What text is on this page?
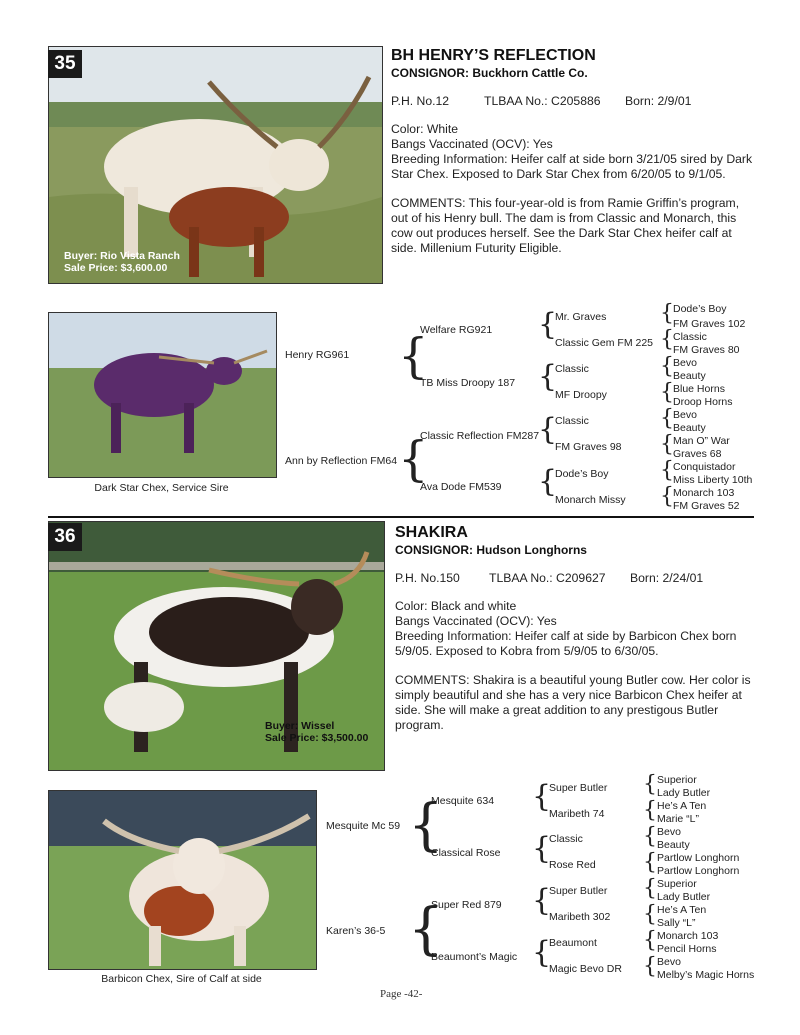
35
Buyer: Rio Vista Ranch
Sale Price: $3,600.00
BH HENRY’S REFLECTION
CONSIGNOR: Buckhorn Cattle Co.
P.H. No.12	TLBAA No.: C205886 Born: 2/9/01

Color: White

Bangs Vaccinated (OCV): Yes

Breeding Information: Heifer calf at side born 3/21/05 sired by Dark Star Chex. Exposed to Dark Star Chex from 6/20/05 to 9/1/05.

COMMENTS: This four-year-old is from Ramie Griffin’s program, out of his Henry bull. The dam is from Classic and Monarch, this cow out produces herself. See the Dark Star Chex heifer calf at side. Millenium Futurity Eligible.

Dark Star Chex, Service Sire
Henry RG961
Ann by Reflection FM64
{
{
Welfare RG921
TB Miss Droopy 187
Classic Reflection FM287
Ava Dode FM539
{
{
{
{
Mr. Graves
Classic Gem FM 225
Classic
MF Droopy
Classic
FM Graves 98
Dode’s Boy
Monarch Missy
{
{
{
{
{
{
{
{
Dode’s Boy
FM Graves 102
Classic
FM Graves 80
Bevo
Beauty
Blue Horns
Droop Horns
Bevo
Beauty
Man O” War
Graves 68
Conquistador
Miss Liberty 10th
Monarch 103
FM Graves 52
36
Buyer: Wissel
Sale Price: $3,500.00
SHAKIRA
CONSIGNOR: Hudson Longhorns
P.H. No.150 TLBAA No.: C209627 Born: 2/24/01

Color: Black and white

Bangs Vaccinated (OCV): Yes

Breeding Information: Heifer calf at side by Barbicon Chex born 5/9/05. Exposed to Kobra from 5/9/05 to 6/30/05.

COMMENTS: Shakira is a beautiful young Butler cow. Her color is simply beautiful and she has a very nice Barbicon Chex heifer at side. She will make a great addition to any prestigous Butler program.

Barbicon Chex, Sire of Calf at side
Mesquite Mc 59
Karen’s 36-5
{
{
Mesquite 634
Classical Rose
Super Red 879
Beaumont’s Magic
{
{
{
{
Super Butler
Maribeth 74
Classic
Rose Red
Super Butler
Maribeth 302
Beaumont
Magic Bevo DR
{
{
{
{
{
{
{
{
Superior
Lady Butler
He’s A Ten
Marie “L”
Bevo
Beauty
Partlow Longhorn
Partlow Longhorn
Superior
Lady Butler
He’s A Ten
Sally “L”
Monarch 103
Pencil Horns
Bevo
Melby’s Magic Horns
Page -42-
